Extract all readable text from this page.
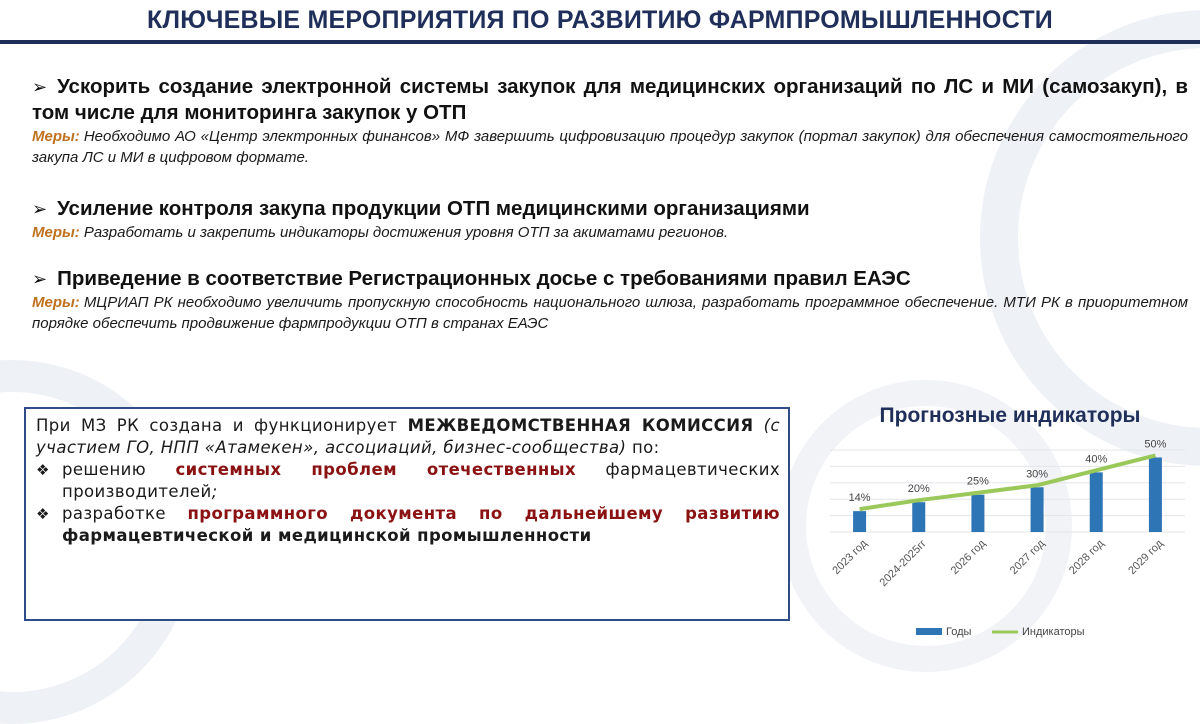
КЛЮЧЕВЫЕ МЕРОПРИЯТИЯ ПО РАЗВИТИЮ ФАРМПРОМЫШЛЕННОСТИ
➢ Ускорить создание электронной системы закупок для медицинских организаций по ЛС и МИ (самозакуп), в том числе для мониторинга закупок у ОТП
Меры: Необходимо АО «Центр электронных финансов» МФ завершить цифровизацию процедур закупок (портал закупок) для обеспечения самостоятельного закупа ЛС и МИ в цифровом формате.
➢ Усиление контроля закупа продукции ОТП медицинскими организациями
Меры: Разработать и закрепить индикаторы достижения уровня ОТП за акиматами регионов.
➢ Приведение в соответствие Регистрационных досье с требованиями правил ЕАЭС
Меры: МЦРИАП РК необходимо увеличить пропускную способность национального шлюза, разработать программное обеспечение. МТИ РК в приоритетном порядке обеспечить продвижение фармпродукции ОТП в странах ЕАЭС
При МЗ РК создана и функционирует МЕЖВЕДОМСТВЕННАЯ КОМИССИЯ (с участием ГО, НПП «Атамекен», ассоциаций, бизнес-сообщества) по:
❖ решению системных проблем отечественных фармацевтических производителей;
❖ разработке программного документа по дальнейшему развитию фармацевтической и медицинской промышленности
Прогнозные индикаторы
14%
20%
25%
30%
40%
50%
2023 год 2024-2025гг 2026 год 2027 год 2028 год 2029 год
Годы	Индикаторы
